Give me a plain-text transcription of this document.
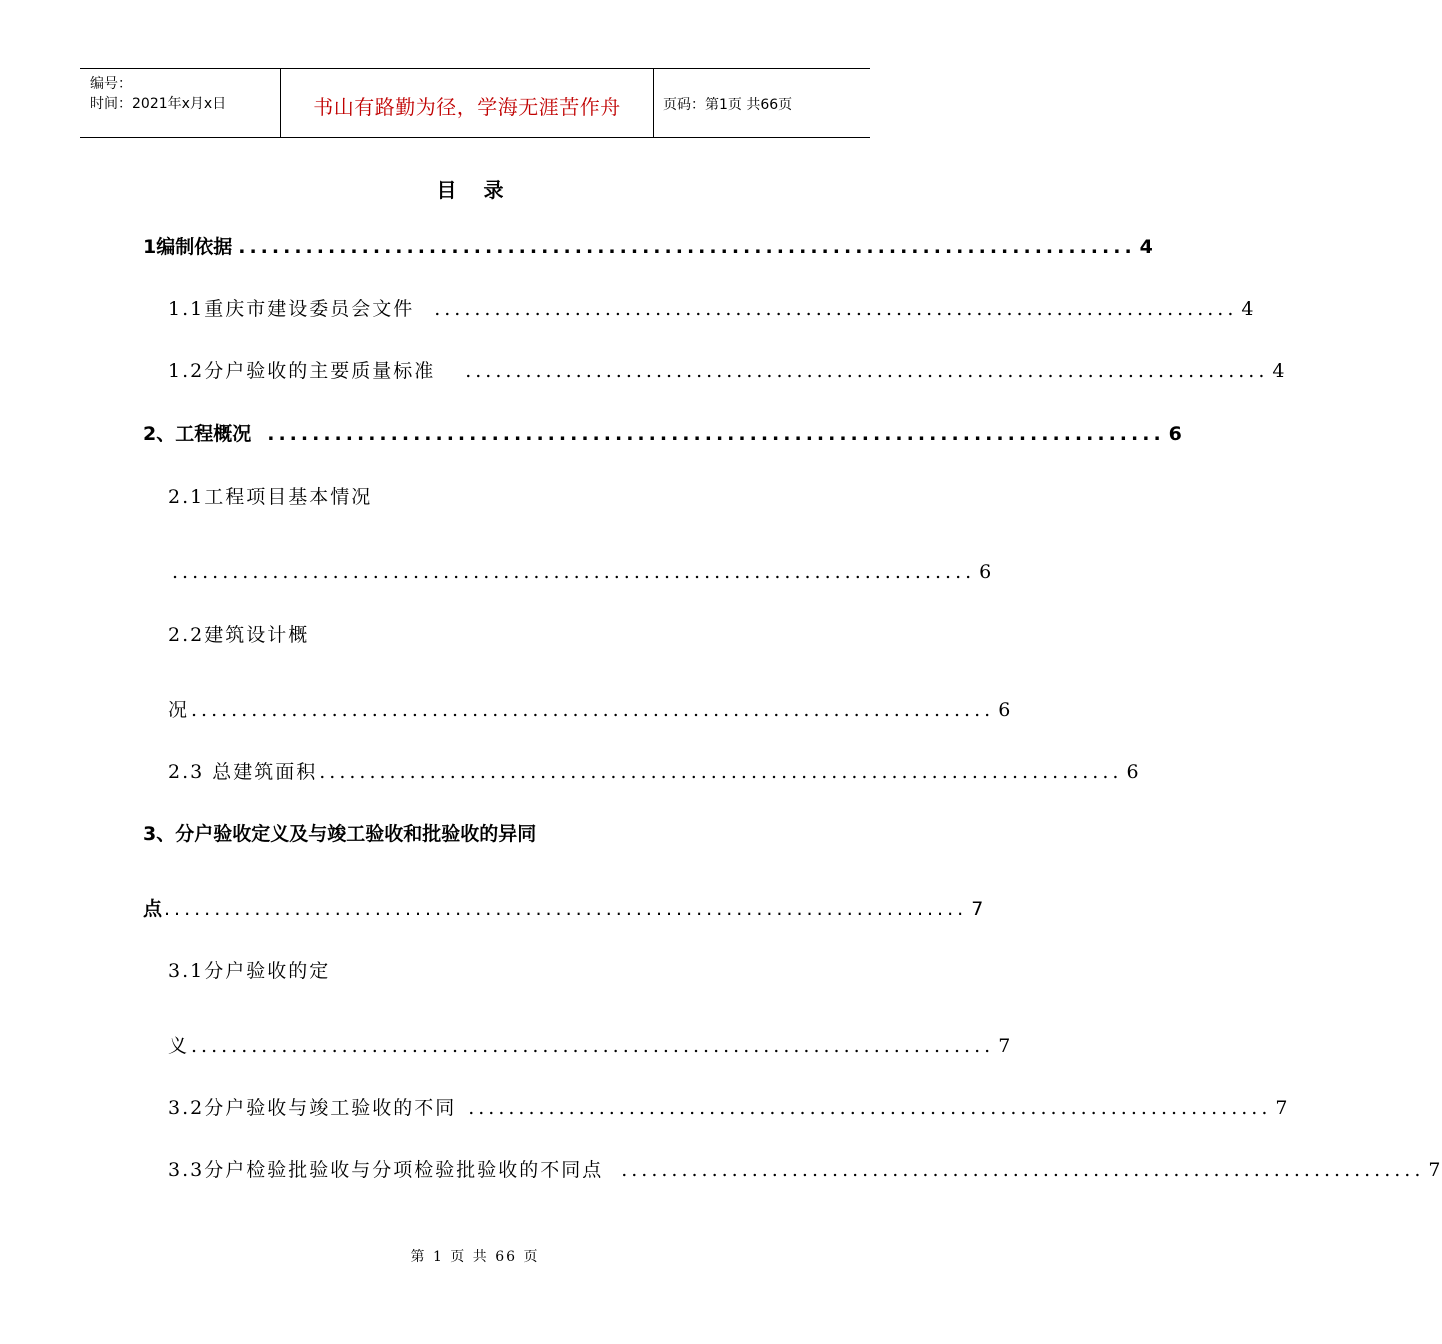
编号：
时间：2021年x月x日	书山有路勤为径，学海无涯苦作舟	页码：第1页 共66页
目 录
1编制依据 ................................................................................ 4
1.1重庆市建设委员会文件	................................................................................ 4
1.2分户验收的主要质量标准	................................................................................ 4
2、工程概况 ................................................................................ 6
2.1工程项目基本情况
................................................................................ 6
2.2建筑设计概
况 ................................................................................ 6
2.3 总建筑面积 ................................................................................ 6
3、分户验收定义及与竣工验收和批验收的异同
点 ................................................................................ 7
3.1分户验收的定
义 ................................................................................ 7
3.2分户验收与竣工验收的不同 ................................................................................ 7
3.3分户检验批验收与分项检验批验收的不同点 ................................................................................ 7
第 1 页 共 66 页
